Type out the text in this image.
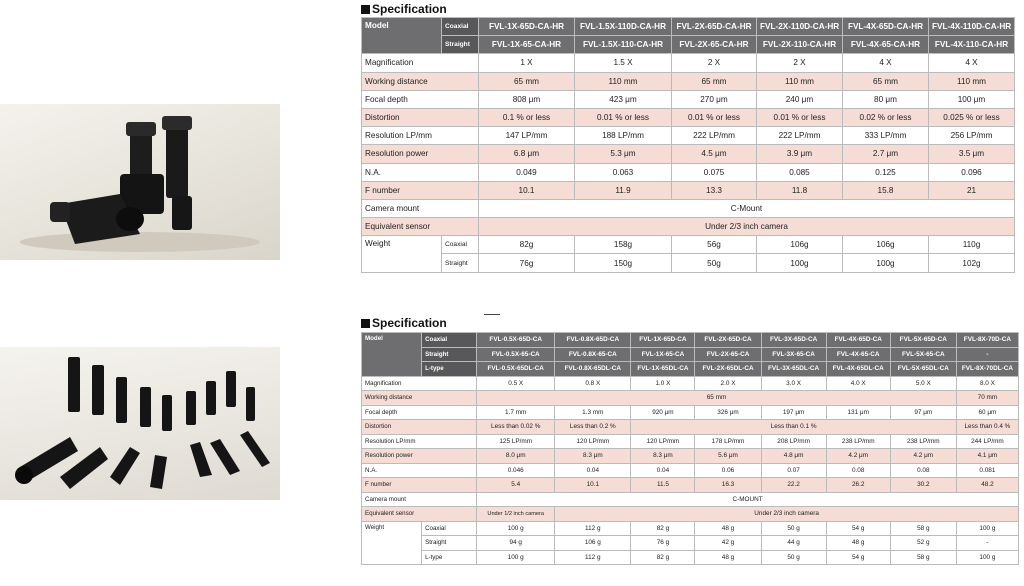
Specification
Model	Coaxial	FVL-1X-65D-CA-HR	FVL-1.5X-110D-CA-HR	FVL-2X-65D-CA-HR	FVL-2X-110D-CA-HR	FVL-4X-65D-CA-HR	FVL-4X-110D-CA-HR
	Straight	FVL-1X-65-CA-HR	FVL-1.5X-110-CA-HR	FVL-2X-65-CA-HR	FVL-2X-110-CA-HR	FVL-4X-65-CA-HR	FVL-4X-110-CA-HR
Magnification		1 X	1.5 X	2 X	2 X	4 X	4 X
Working distance		65 mm	110 mm	65 mm	110 mm	65 mm	110 mm
Focal depth		808 μm	423 μm	270 μm	240 μm	80 μm	100 μm
Distortion		0.1 % or less	0.01 % or less	0.01 % or less	0.01 % or less	0.02 % or less	0.025 % or less
Resolution LP/mm		147 LP/mm	188 LP/mm	222 LP/mm	222 LP/mm	333 LP/mm	256 LP/mm
Resolution power		6.8 μm	5.3 μm	4.5 μm	3.9 μm	2.7 μm	3.5 μm
N.A.		0.049	0.063	0.075	0.085	0.125	0.096
F number		10.1	11.9	13.3	11.8	15.8	21
Camera mount		C-Mount					
Equivalent sensor		Under 2/3 inch camera					
Weight	Coaxial	82g	158g	56g	106g	106g	110g
	Straight	76g	150g	50g	100g	100g	102g
Specification
Model	Coaxial	FVL-0.5X-65D-CA	FVL-0.8X-65D-CA	FVL-1X-65D-CA	FVL-2X-65D-CA	FVL-3X-65D-CA	FVL-4X-65D-CA	FVL-5X-65D-CA	FVL-8X-70D-CA
	Straight	FVL-0.5X-65-CA	FVL-0.8X-65-CA	FVL-1X-65-CA	FVL-2X-65-CA	FVL-3X-65-CA	FVL-4X-65-CA	FVL-5X-65-CA	-
	L-type	FVL-0.5X-65DL-CA	FVL-0.8X-65DL-CA	FVL-1X-65DL-CA	FVL-2X-65DL-CA	FVL-3X-65DL-CA	FVL-4X-65DL-CA	FVL-5X-65DL-CA	FVL-8X-70DL-CA
Magnification		0.5 X	0.8 X	1.0 X	2.0 X	3.0 X	4.0 X	5.0 X	8.0 X
Working distance		65 mm							70 mm
Focal depth		1.7 mm	1.3 mm	920 μm	326 μm	197 μm	131 μm	97 μm	60 μm
Distortion		Less than 0.02 %	Less than 0.2 %	Less than 0.1 %					Less than 0.4 %
Resolution LP/mm		125 LP/mm	120 LP/mm	120 LP/mm	178 LP/mm	208 LP/mm	238 LP/mm	238 LP/mm	244 LP/mm
Resolution power		8.0 μm	8.3 μm	8.3 μm	5.6 μm	4.8 μm	4.2 μm	4.2 μm	4.1 μm
N.A.		0.046	0.04	0.04	0.06	0.07	0.08	0.08	0.081
F number		5.4	10.1	11.5	16.3	22.2	26.2	30.2	48.2
Camera mount		C-MOUNT							
Equivalent sensor		Under 1/2 inch camera	Under 2/3 inch camera						
Weight	Coaxial	100 g	112 g	82 g	48 g	50 g	54 g	58 g	100 g
	Straight	94 g	106 g	76 g	42 g	44 g	48 g	52 g	-
	L-type	100 g	112 g	82 g	48 g	50 g	54 g	58 g	100 g
